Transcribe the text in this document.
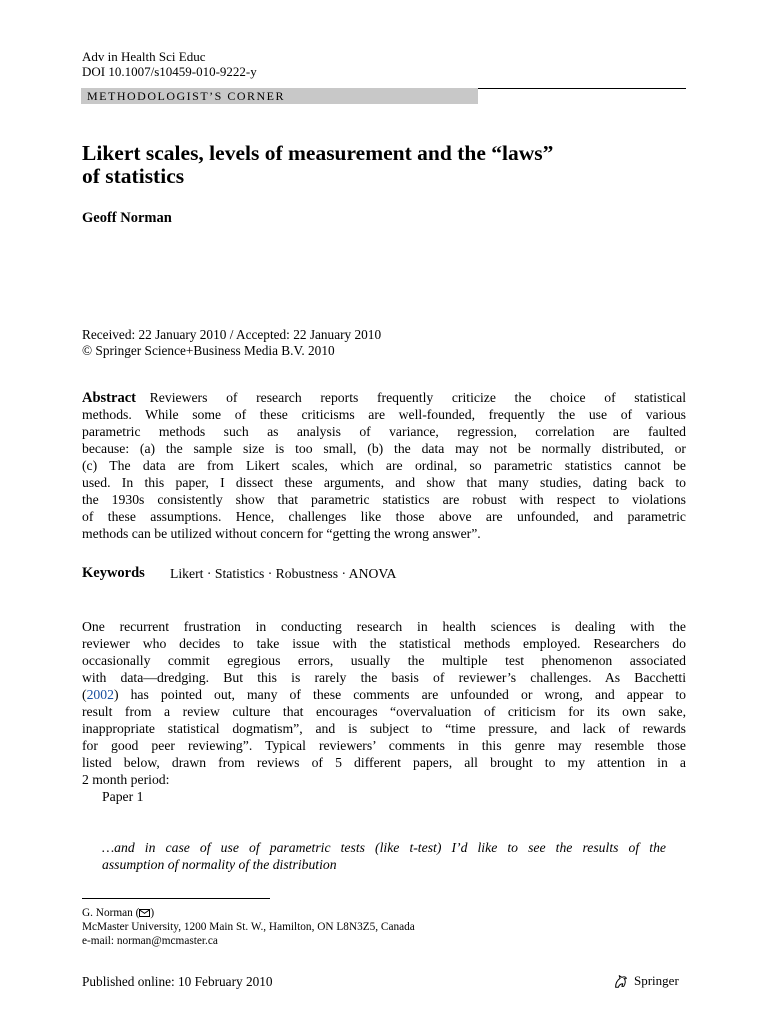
Adv in Health Sci Educ
DOI 10.1007/s10459-010-9222-y
METHODOLOGIST’S CORNER
Likert scales, levels of measurement and the “laws”
of statistics
Geoff Norman
Received: 22 January 2010 / Accepted: 22 January 2010
© Springer Science+Business Media B.V. 2010
Abstract  Reviewers of research reports frequently criticize the choice of statistical
methods. While some of these criticisms are well-founded, frequently the use of various
parametric methods such as analysis of variance, regression, correlation are faulted
because: (a) the sample size is too small, (b) the data may not be normally distributed, or
(c) The data are from Likert scales, which are ordinal, so parametric statistics cannot be
used. In this paper, I dissect these arguments, and show that many studies, dating back to
the 1930s consistently show that parametric statistics are robust with respect to violations
of these assumptions. Hence, challenges like those above are unfounded, and parametric
methods can be utilized without concern for “getting the wrong answer”.
Keywords Likert · Statistics · Robustness · ANOVA
One recurrent frustration in conducting research in health sciences is dealing with the
reviewer who decides to take issue with the statistical methods employed. Researchers do
occasionally commit egregious errors, usually the multiple test phenomenon associated
with data—dredging. But this is rarely the basis of reviewer’s challenges. As Bacchetti
(2002) has pointed out, many of these comments are unfounded or wrong, and appear to
result from a review culture that encourages “overvaluation of criticism for its own sake,
inappropriate statistical dogmatism”, and is subject to “time pressure, and lack of rewards
for good peer reviewing”. Typical reviewers’ comments in this genre may resemble those
listed below, drawn from reviews of 5 different papers, all brought to my attention in a
2 month period:
Paper 1
…and in case of use of parametric tests (like t-test) I’d like to see the results of the
assumption of normality of the distribution
G. Norman ( )
McMaster University, 1200 Main St. W., Hamilton, ON L8N3Z5, Canada
e-mail: norman@mcmaster.ca
Published online: 10 February 2010	Springer
